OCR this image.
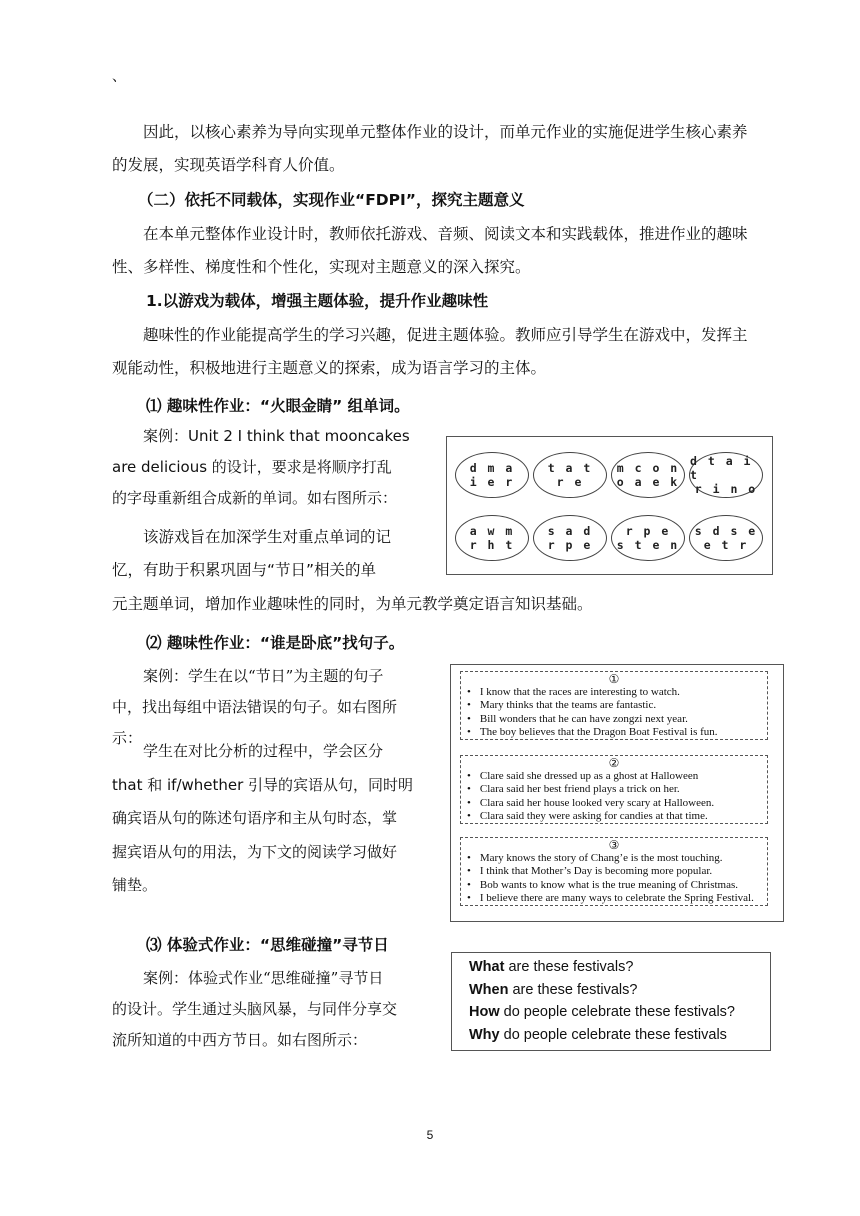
、
因此，以核心素养为导向实现单元整体作业的设计，而单元作业的实施促进学生核心素养的发展，实现英语学科育人价值。
（二）依托不同载体，实现作业“FDPI”，探究主题意义
在本单元整体作业设计时，教师依托游戏、音频、阅读文本和实践载体，推进作业的趣味性、多样性、梯度性和个性化，实现对主题意义的深入探究。
1.以游戏为载体，增强主题体验，提升作业趣味性
趣味性的作业能提高学生的学习兴趣，促进主题体验。教师应引导学生在游戏中，发挥主观能动性，积极地进行主题意义的探索，成为语言学习的主体。
⑴ 趣味性作业：“火眼金睛” 组单词。
案例：Unit 2 I think that mooncakes
are delicious 的设计，要求是将顺序打乱
的字母重新组合成新的单词。如右图所示：
该游戏旨在加深学生对重点单词的记
忆，有助于积累巩固与“节日”相关的单
元主题单词，增加作业趣味性的同时，为单元教学奠定语言知识基础。
d m a
i e r
t a t
r e
m c o n
o a e k
d t a i t
r i n o
a w m
r h t
s a d
r p e
r p e
s t e n
s d s e
e t r
⑵ 趣味性作业：“谁是卧底”找句子。
案例：学生在以“节日”为主题的句子
中，找出每组中语法错误的句子。如右图所
示：
学生在对比分析的过程中，学会区分
that 和 if/whether 引导的宾语从句，同时明
确宾语从句的陈述句语序和主从句时态，掌
握宾语从句的用法，为下文的阅读学习做好
铺垫。
①
• I know that the races are interesting to watch.
• Mary thinks that the teams are fantastic.
• Bill wonders that he can have zongzi next year.
• The boy believes that the Dragon Boat Festival is fun.
②
• Clare said she dressed up as a ghost at Halloween
• Clara said her best friend plays a trick on her.
• Clara said her house looked very scary at Halloween.
• Clara said they were asking for candies at that time.
③
• Mary knows the story of Chang’e is the most touching.
• I think that Mother’s Day is becoming more popular.
• Bob wants to know what is the true meaning of Christmas.
• I believe there are many ways to celebrate the Spring Festival.
⑶ 体验式作业：“思维碰撞”寻节日
案例：体验式作业“思维碰撞”寻节日
的设计。学生通过头脑风暴，与同伴分享交
流所知道的中西方节日。如右图所示：
What are these festivals?
When are these festivals?
How do people celebrate these festivals?
Why do people celebrate these festivals
5
